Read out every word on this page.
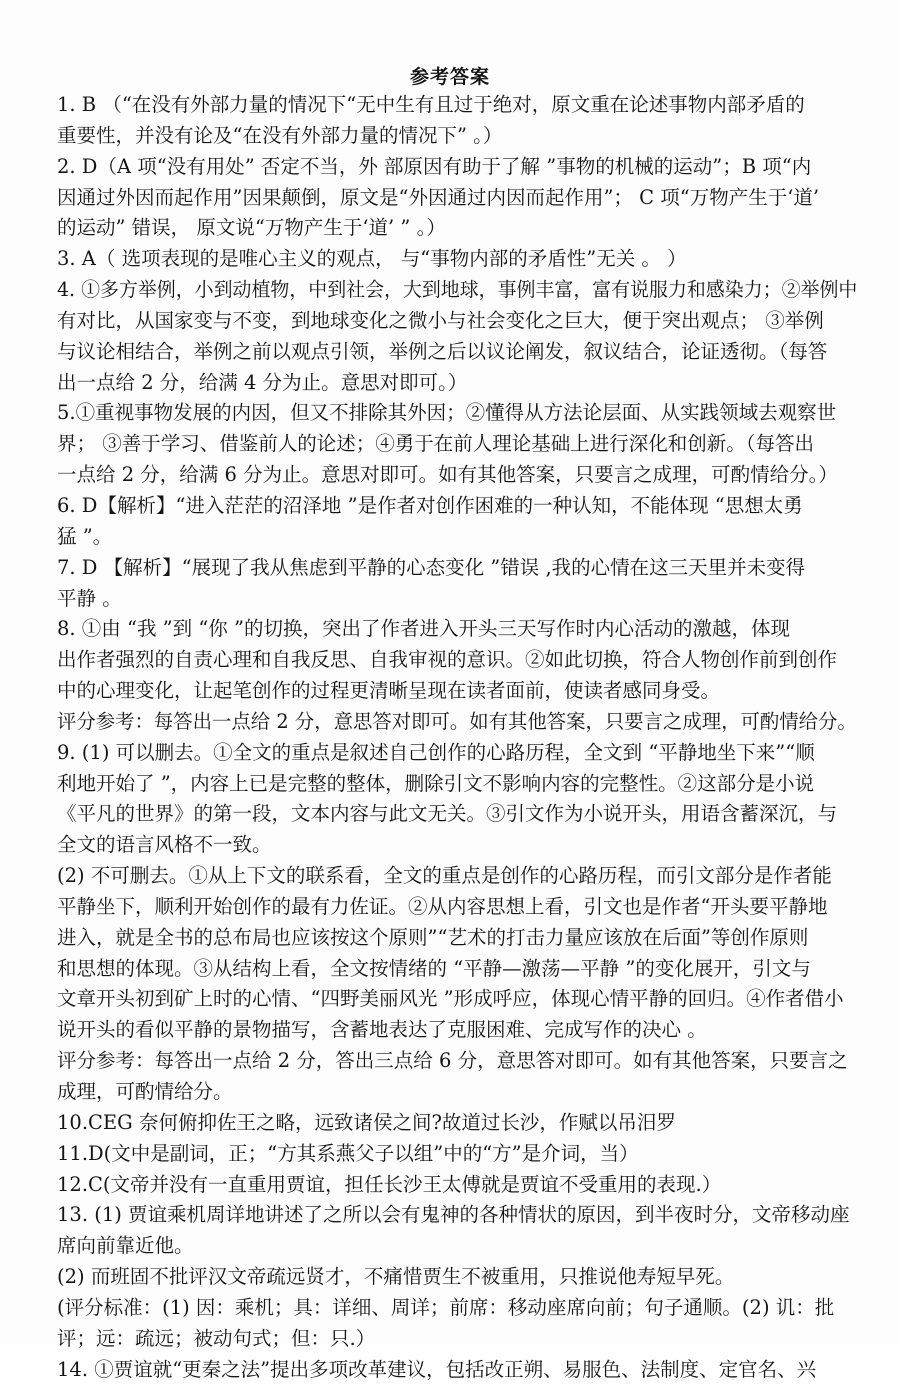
参考答案
1. B （“在没有外部力量的情况下“无中生有且过于绝对，原文重在论述事物内部矛盾的
重要性，并没有论及“在没有外部力量的情况下” 。）
2. D（A 项“没有用处” 否定不当，外 部原因有助于了解 ”事物的机械的运动”；B 项“内
因通过外因而起作用”因果颠倒，原文是“外因通过内因而起作用”； C 项“万物产生于‘道’
的运动” 错误， 原文说“万物产生于‘道’ ” 。）
3. A（ 选项表现的是唯心主义的观点， 与“事物内部的矛盾性”无关 。 ）
4. ①多方举例，小到动植物，中到社会，大到地球，事例丰富，富有说服力和感染力；②举例中
有对比，从国家变与不变，到地球变化之微小与社会变化之巨大，便于突出观点； ③举例
与议论相结合，举例之前以观点引领，举例之后以议论阐发，叙议结合，论证透彻。（每答
出一点给 2 分，给满 4 分为止。意思对即可。）
5.①重视事物发展的内因，但又不排除其外因；②懂得从方法论层面、从实践领域去观察世
界； ③善于学习、借鉴前人的论述；④勇于在前人理论基础上进行深化和创新。（每答出
一点给 2 分，给满 6 分为止。意思对即可。如有其他答案，只要言之成理，可酌情给分。）
6. D【解析】“进入茫茫的沼泽地 ”是作者对创作困难的一种认知，不能体现 “思想太勇
猛 ”。
7. D 【解析】“展现了我从焦虑到平静的心态变化 ”错误 ,我的心情在这三天里并未变得
平静 。
8. ①由 “我 ”到 “你 ”的切换，突出了作者进入开头三天写作时内心活动的激越，体现
出作者强烈的自责心理和自我反思、自我审视的意识。②如此切换，符合人物创作前到创作
中的心理变化，让起笔创作的过程更清晰呈现在读者面前，使读者感同身受。
评分参考：每答出一点给 2 分，意思答对即可。如有其他答案，只要言之成理，可酌情给分。
9. (1) 可以删去。①全文的重点是叙述自己创作的心路历程，全文到 “平静地坐下来”“顺
利地开始了 ”，内容上已是完整的整体，删除引文不影响内容的完整性。②这部分是小说
《平凡的世界》的第一段，文本内容与此文无关。③引文作为小说开头，用语含蓄深沉，与
全文的语言风格不一致。
(2) 不可删去。①从上下文的联系看，全文的重点是创作的心路历程，而引文部分是作者能
平静坐下，顺利开始创作的最有力佐证。②从内容思想上看，引文也是作者“开头要平静地
进入，就是全书的总布局也应该按这个原则”“艺术的打击力量应该放在后面”等创作原则
和思想的体现。③从结构上看，全文按情绪的 “平静—激荡—平静 ”的变化展开，引文与
文章开头初到矿上时的心情、“四野美丽风光 ”形成呼应，体现心情平静的回归。④作者借小
说开头的看似平静的景物描写，含蓄地表达了克服困难、完成写作的决心 。
评分参考：每答出一点给 2 分，答出三点给 6 分，意思答对即可。如有其他答案，只要言之
成理，可酌情给分。
10.CEG 奈何俯抑佐王之略，远致诸侯之间?故道过长沙，作赋以吊汨罗
11.D(文中是副词，正；“方其系燕父子以组”中的“方”是介词，当）
12.C(文帝并没有一直重用贾谊，担任长沙王太傅就是贾谊不受重用的表现.）
13. (1) 贾谊乘机周详地讲述了之所以会有鬼神的各种情状的原因，到半夜时分，文帝移动座
席向前靠近他。
(2) 而班固不批评汉文帝疏远贤才，不痛惜贾生不被重用，只推说他寿短早死。
(评分标准：(1) 因：乘机；具：详细、周详；前席：移动座席向前；句子通顺。(2) 讥：批
评；远：疏远；被动句式；但：只.）
14. ①贾谊就“更秦之法”提出多项改革建议，包括改正朔、易服色、法制度、定官名、兴
